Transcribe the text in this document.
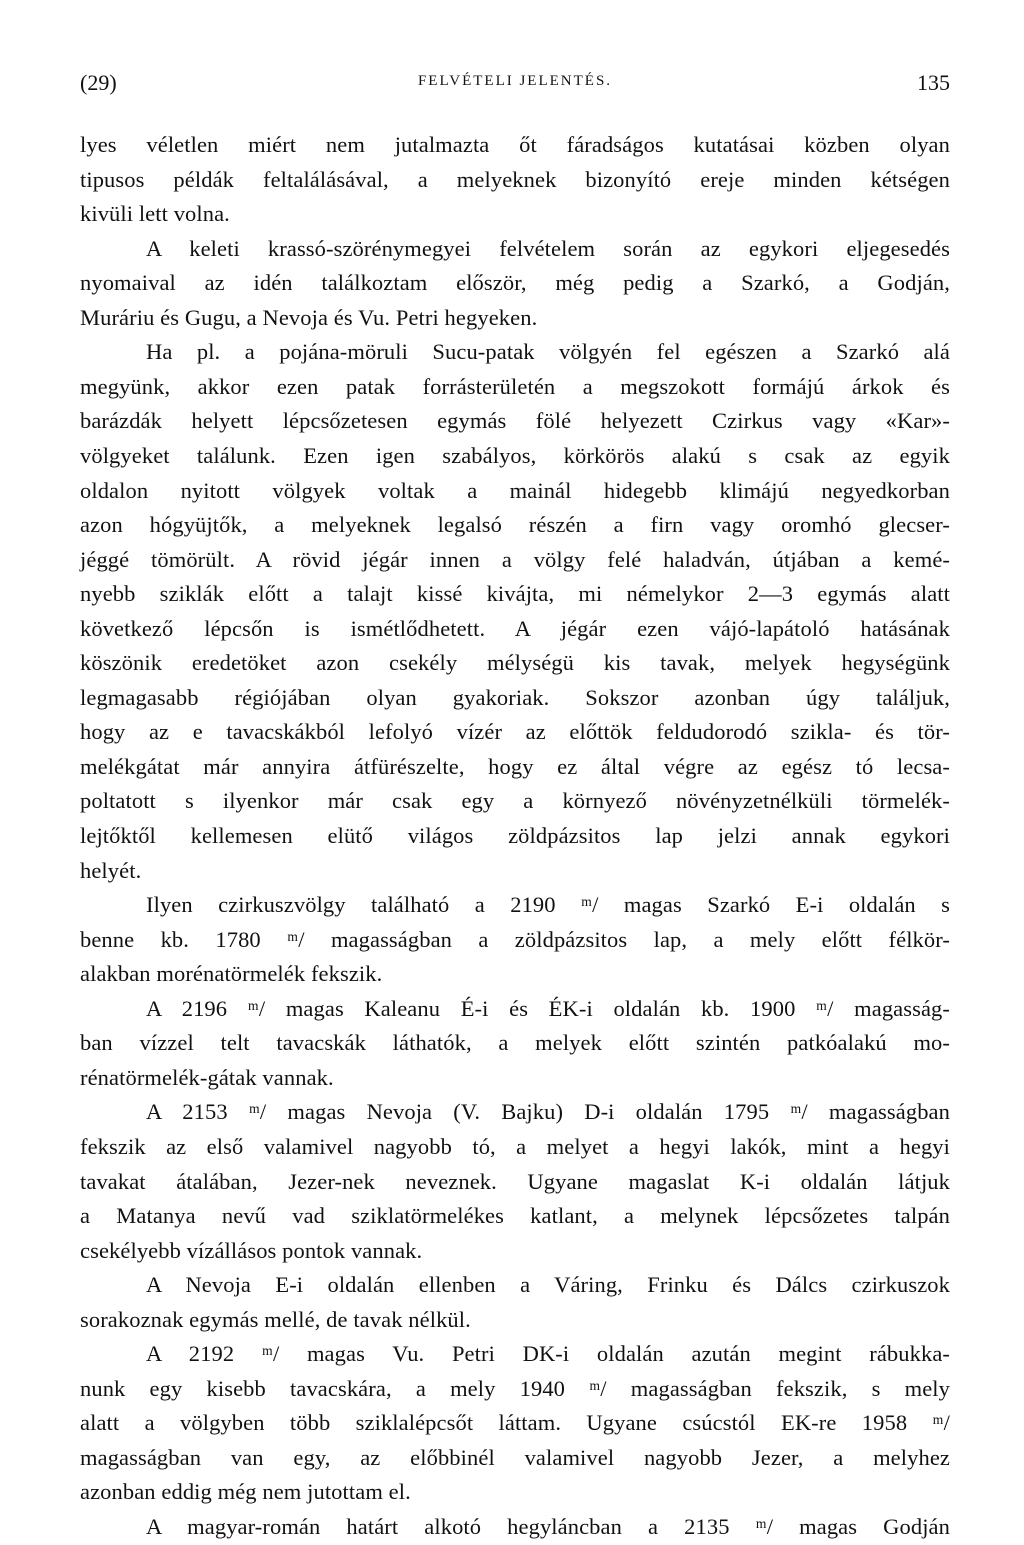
(29)	FELVÉTELI JELENTÉS.	135
lyes véletlen miért nem jutalmazta őt fáradságos kutatásai közben olyan
tipusos példák feltalálásával, a melyeknek bizonyító ereje minden kétségen
kivüli lett volna.
A keleti krassó-szörénymegyei felvételem során az egykori eljegesedés
nyomaival az idén találkoztam először, még pedig a Szarkó, a Godján,
Muráriu és Gugu, a Nevoja és Vu. Petri hegyeken.
Ha pl. a pojána-möruli Sucu-patak völgyén fel egészen a Szarkó alá
megyünk, akkor ezen patak forrásterületén a megszokott formájú árkok és
barázdák helyett lépcsőzetesen egymás fölé helyezett Czirkus vagy «Kar»-
völgyeket találunk. Ezen igen szabályos, körkörös alakú s csak az egyik
oldalon nyitott völgyek voltak a mainál hidegebb klimájú negyedkorban
azon hógyüjtők, a melyeknek legalsó részén a firn vagy oromhó glecser-
jéggé tömörült. A rövid jégár innen a völgy felé haladván, útjában a kemé-
nyebb sziklák előtt a talajt kissé kivájta, mi némelykor 2—3 egymás alatt
következő lépcsőn is ismétlődhetett. A jégár ezen vájó-lapátoló hatásának
köszönik eredetöket azon csekély mélységü kis tavak, melyek hegységünk
legmagasabb régiójában olyan gyakoriak. Sokszor azonban úgy találjuk,
hogy az e tavacskákból lefolyó vízér az előttök feldudorodó szikla- és tör-
melékgátat már annyira átfürészelte, hogy ez által végre az egész tó lecsa-
poltatott s ilyenkor már csak egy a környező növényzetnélküli törmelék-
lejtőktől kellemesen elütő világos zöldpázsitos lap jelzi annak egykori
helyét.
Ilyen czirkuszvölgy található a 2190 ᵐ/ magas Szarkó E-i oldalán s
benne kb. 1780 ᵐ/ magasságban a zöldpázsitos lap, a mely előtt félkör-
alakban morénatörmelék fekszik.
A 2196 ᵐ/ magas Kaleanu É-i és ÉK-i oldalán kb. 1900 ᵐ/ magasság-
ban vízzel telt tavacskák láthatók, a melyek előtt szintén patkóalakú mo-
rénatörmelék-gátak vannak.
A 2153 ᵐ/ magas Nevoja (V. Bajku) D-i oldalán 1795 ᵐ/ magasságban
fekszik az első valamivel nagyobb tó, a melyet a hegyi lakók, mint a hegyi
tavakat átalában, Jezer-nek neveznek. Ugyane magaslat K-i oldalán látjuk
a Matanya nevű vad sziklatörmelékes katlant, a melynek lépcsőzetes talpán
csekélyebb vízállásos pontok vannak.
A Nevoja E-i oldalán ellenben a Váring, Frinku és Dálcs czirkuszok
sorakoznak egymás mellé, de tavak nélkül.
A 2192 ᵐ/ magas Vu. Petri DK-i oldalán azután megint rábukka-
nunk egy kisebb tavacskára, a mely 1940 ᵐ/ magasságban fekszik, s mely
alatt a völgyben több sziklalépcsőt láttam. Ugyane csúcstól EK-re 1958 ᵐ/
magasságban van egy, az előbbinél valamivel nagyobb Jezer, a melyhez
azonban eddig még nem jutottam el.
A magyar-román határt alkotó hegyláncban a 2135 ᵐ/ magas Godján
